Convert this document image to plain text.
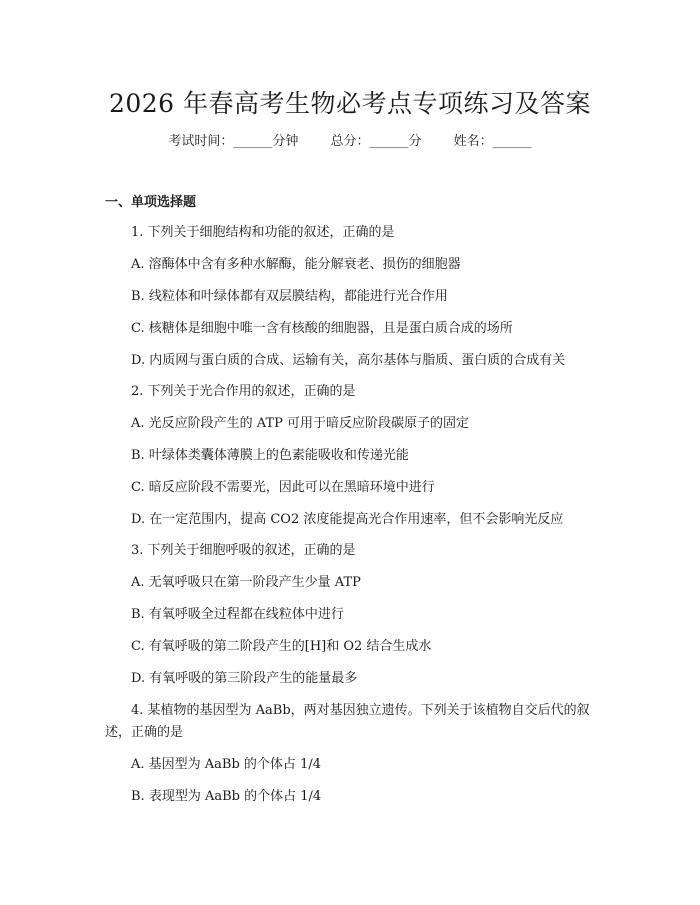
2026 年春高考生物必考点专项练习及答案
考试时间：______分钟 总分：______分 姓名：______
一、单项选择题
1. 下列关于细胞结构和功能的叙述，正确的是
A. 溶酶体中含有多种水解酶，能分解衰老、损伤的细胞器
B. 线粒体和叶绿体都有双层膜结构，都能进行光合作用
C. 核糖体是细胞中唯一含有核酸的细胞器，且是蛋白质合成的场所
D. 内质网与蛋白质的合成、运输有关，高尔基体与脂质、蛋白质的合成有关
2. 下列关于光合作用的叙述，正确的是
A. 光反应阶段产生的 ATP 可用于暗反应阶段碳原子的固定
B. 叶绿体类囊体薄膜上的色素能吸收和传递光能
C. 暗反应阶段不需要光，因此可以在黑暗环境中进行
D. 在一定范围内，提高 CO2 浓度能提高光合作用速率，但不会影响光反应
3. 下列关于细胞呼吸的叙述，正确的是
A. 无氧呼吸只在第一阶段产生少量 ATP
B. 有氧呼吸全过程都在线粒体中进行
C. 有氧呼吸的第二阶段产生的[H]和 O2 结合生成水
D. 有氧呼吸的第三阶段产生的能量最多
4. 某植物的基因型为 AaBb，两对基因独立遗传。下列关于该植物自交后代的叙述，正确的是
A. 基因型为 AaBb 的个体占 1/4
B. 表现型为 AaBb 的个体占 1/4
